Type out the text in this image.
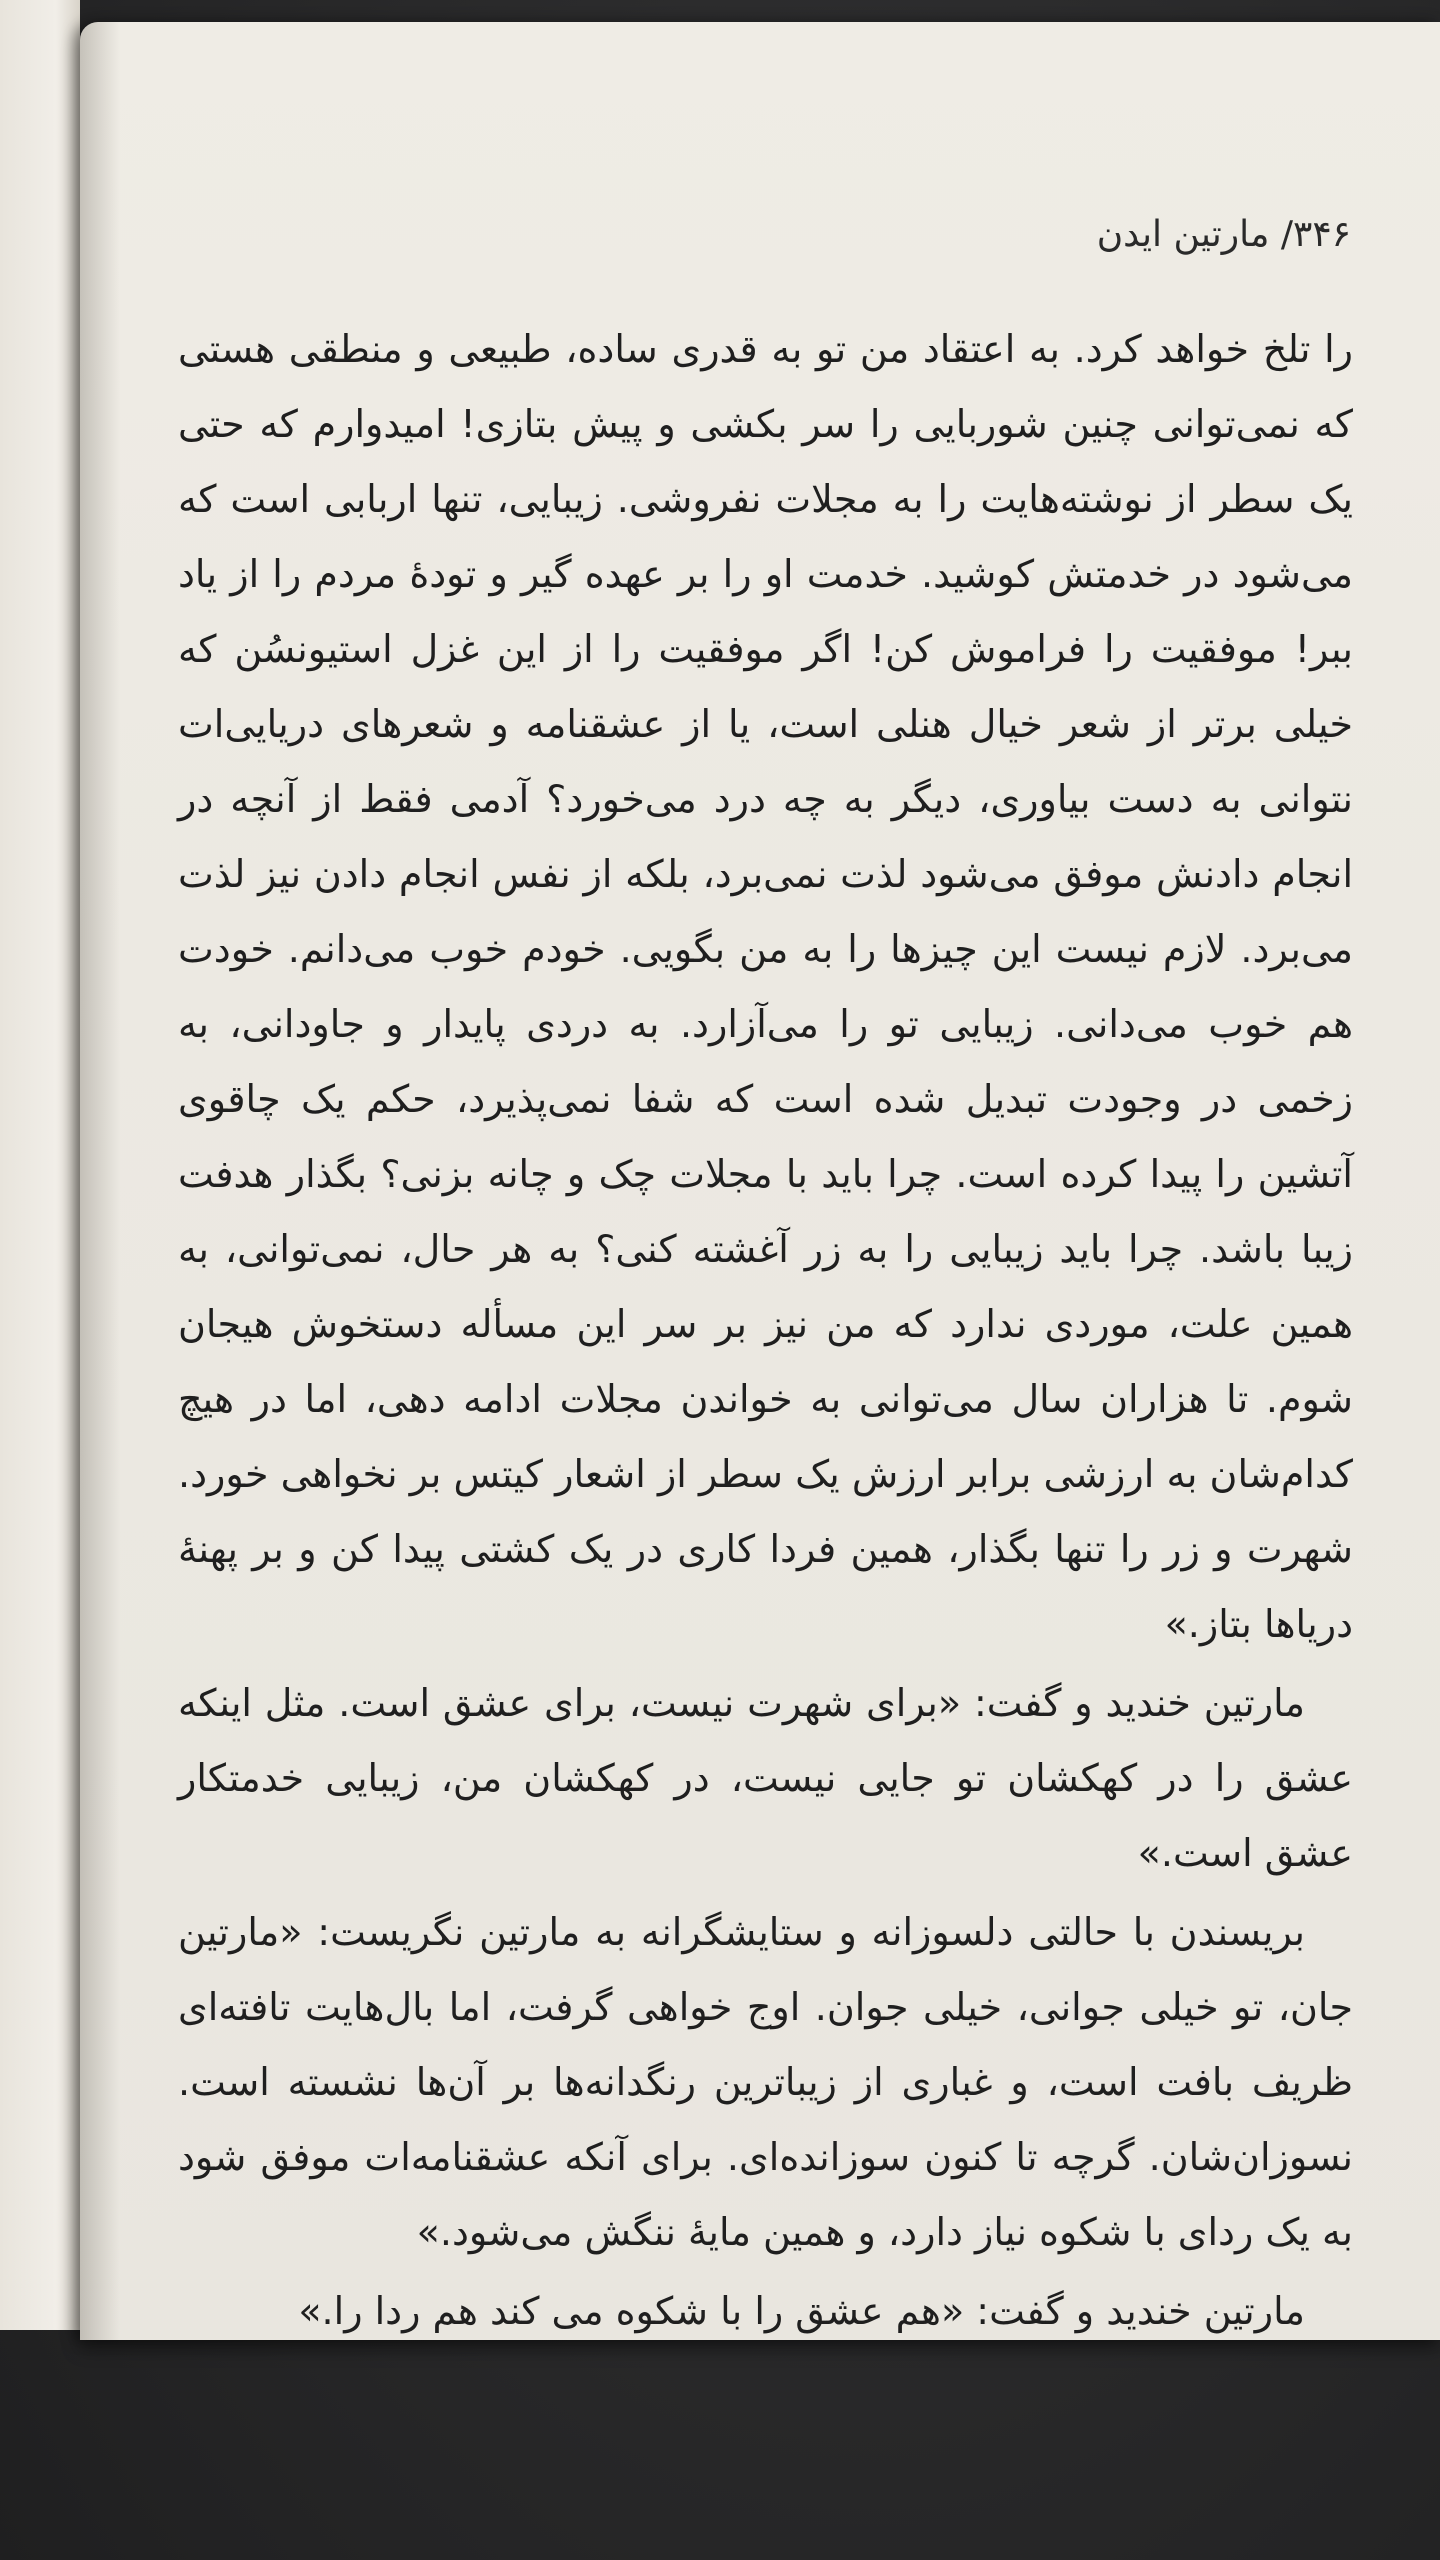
۳۴۶/ مارتین ایدن

را تلخ خواهد کرد. به اعتقاد من تو به قدری ساده، طبیعی و منطقی هستی که نمی‌توانی چنین شوربایی را سر بکشی و پیش بتازی! امیدوارم که حتی یک سطر از نوشته‌هایت را به مجلات نفروشی. زیبایی، تنها اربابی است که می‌شود در خدمتش کوشید. خدمت او را بر عهده گیر و تودهٔ مردم را از یاد ببر! موفقیت را فراموش کن! اگر موفقیت را از این غزل استیونسُن که خیلی برتر از شعر خیال هنلی است، یا از عشقنامه و شعرهای دریایی‌ات نتوانی به دست بیاوری، دیگر به چه درد می‌خورد؟ آدمی فقط از آنچه در انجام دادنش موفق می‌شود لذت نمی‌برد، بلکه از نفس انجام دادن نیز لذت می‌برد. لازم نیست این چیزها را به من بگویی. خودم خوب می‌دانم. خودت هم خوب می‌دانی. زیبایی تو را می‌آزارد. به دردی پایدار و جاودانی، به زخمی در وجودت تبدیل شده است که شفا نمی‌پذیرد، حکم یک چاقوی آتشین را پیدا کرده است. چرا باید با مجلات چک و چانه بزنی؟ بگذار هدفت زیبا باشد. چرا باید زیبایی را به زر آغشته کنی؟ به هر حال، نمی‌توانی، به همین علت، موردی ندارد که من نیز بر سر این مسأله دستخوش هیجان شوم. تا هزاران سال می‌توانی به خواندن مجلات ادامه دهی، اما در هیچ کدام‌شان به ارزشی برابر ارزش یک سطر از اشعار کیتس بر نخواهی خورد. شهرت و زر را تنها بگذار، همین فردا کاری در یک کشتی پیدا کن و بر پهنهٔ دریاها بتاز.»

مارتین خندید و گفت: «برای شهرت نیست، برای عشق است. مثل اینکه عشق را در کهکشان تو جایی نیست، در کهکشان من، زیبایی خدمتکار عشق است.»

بریسندن با حالتی دلسوزانه و ستایشگرانه به مارتین نگریست: «مارتین جان، تو خیلی جوانی، خیلی جوان. اوج خواهی گرفت، اما بال‌هایت تافته‌ای ظریف بافت است، و غباری از زیباترین رنگدانه‌ها بر آن‌ها نشسته است. نسوزان‌شان. گرچه تا کنون سوزانده‌ای. برای آنکه عشقنامه‌ات موفق شود به یک ردای با شکوه نیاز دارد، و همین مایهٔ ننگش می‌شود.»

مارتین خندید و گفت: «هم عشق را با شکوه می کند هم ردا را.»
